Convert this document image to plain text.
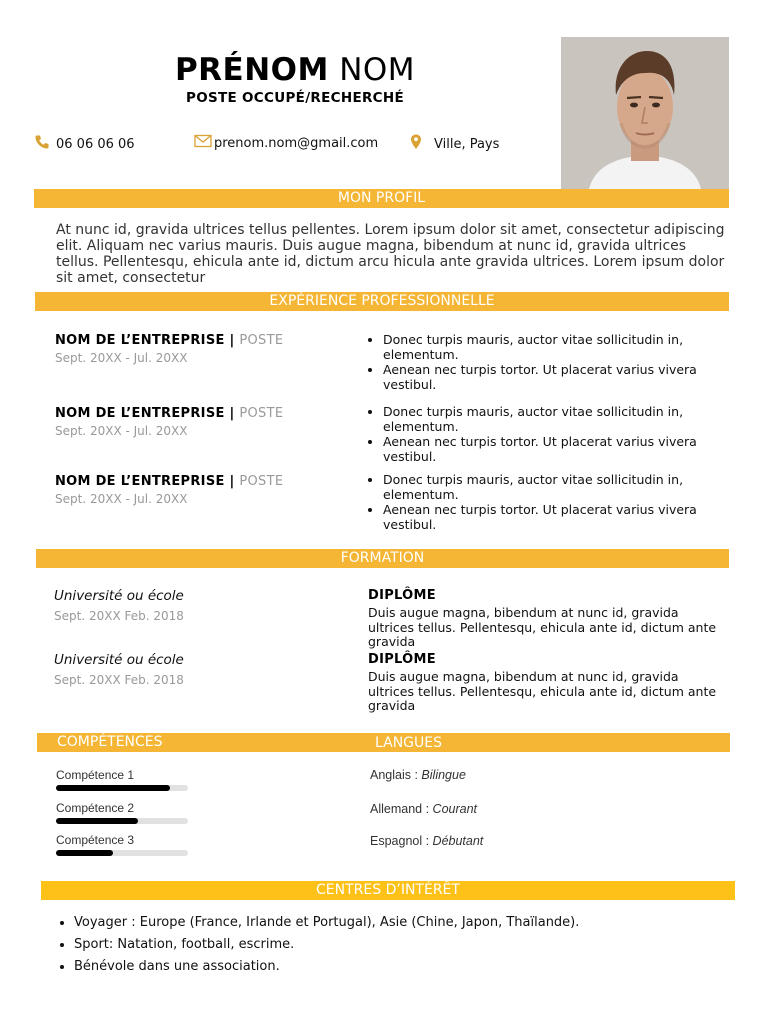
PRÉNOM NOM
POSTE OCCUPÉ/RECHERCHÉ
06 06 06 06	prenom.nom@gmail.com	Ville, Pays
MON PROFIL
At nunc id, gravida ultrices tellus pellentes. Lorem ipsum dolor sit amet, consectetur adipiscing elit. Aliquam nec varius mauris. Duis augue magna, bibendum at nunc id, gravida ultrices tellus. Pellentesqu, ehicula ante id, dictum arcu hicula ante gravida ultrices. Lorem ipsum dolor sit amet, consectetur
EXPÉRIENCE PROFESSIONNELLE
NOM DE L’ENTREPRISE | POSTE
Sept. 20XX - Jul. 20XX
• Donec turpis mauris, auctor vitae sollicitudin in, elementum.
• Aenean nec turpis tortor. Ut placerat varius vivera vestibul.
NOM DE L’ENTREPRISE | POSTE
Sept. 20XX - Jul. 20XX
• Donec turpis mauris, auctor vitae sollicitudin in, elementum.
• Aenean nec turpis tortor. Ut placerat varius vivera vestibul.
NOM DE L’ENTREPRISE | POSTE
Sept. 20XX - Jul. 20XX
• Donec turpis mauris, auctor vitae sollicitudin in, elementum.
• Aenean nec turpis tortor. Ut placerat varius vivera vestibul.
FORMATION
Université ou école
Sept. 20XX Feb. 2018
DIPLÔME
Duis augue magna, bibendum at nunc id, gravida ultrices tellus. Pellentesqu, ehicula ante id, dictum ante gravida
Université ou école
Sept. 20XX Feb. 2018
DIPLÔME
Duis augue magna, bibendum at nunc id, gravida ultrices tellus. Pellentesqu, ehicula ante id, dictum ante gravida
COMPÉTENCES	LANGUES
Compétence 1
Compétence 2
Compétence 3
Anglais : Bilingue
Allemand : Courant
Espagnol : Débutant
CENTRES D’INTÉRÊT
• Voyager : Europe (France, Irlande et Portugal), Asie (Chine, Japon, Thaïlande).
• Sport: Natation, football, escrime.
• Bénévole dans une association.
